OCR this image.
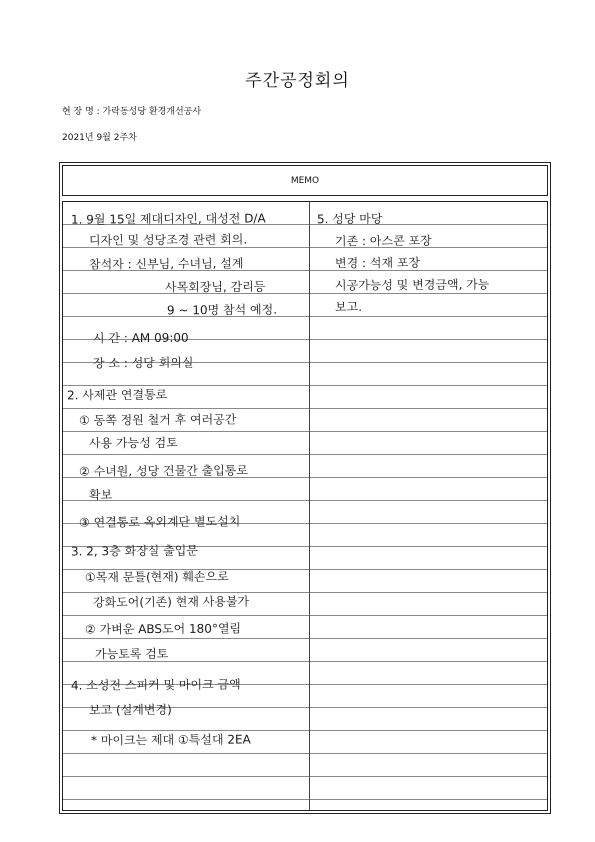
주간공정회의
현 장 명 : 가락동성당 환경개선공사
2021년 9월 2주차
MEMO
1. 9월 15일 제대디자인, 대성전 D/A
디자인 및 성당조경 관련 회의.
참석자 : 신부님, 수녀님, 설계
사목회장님, 감리등
9 ~ 10명 참석 예정.
시 간 : AM 09:00
장 소 : 성당 회의실
2. 사제관 연결통로
① 동쪽 정원 철거 후 여러공간
사용 가능성 검토
② 수녀원, 성당 건물간 출입통로
확보
③ 연결통로 옥외계단 별도설치
3. 2, 3층 화장실 출입문
①목재 문틀(현재) 훼손으로
강화도어(기존) 현재 사용불가
② 가벼운 ABS도어 180°열림
가능토록 검토
4. 소성전 스피커 및 마이크 금액
보고 (설계변경)
* 마이크는 제대 ①특설대 2EA
5. 성당 마당
기존 : 아스콘 포장
변경 : 석재 포장
시공가능성 및 변경금액, 가능
보고.
